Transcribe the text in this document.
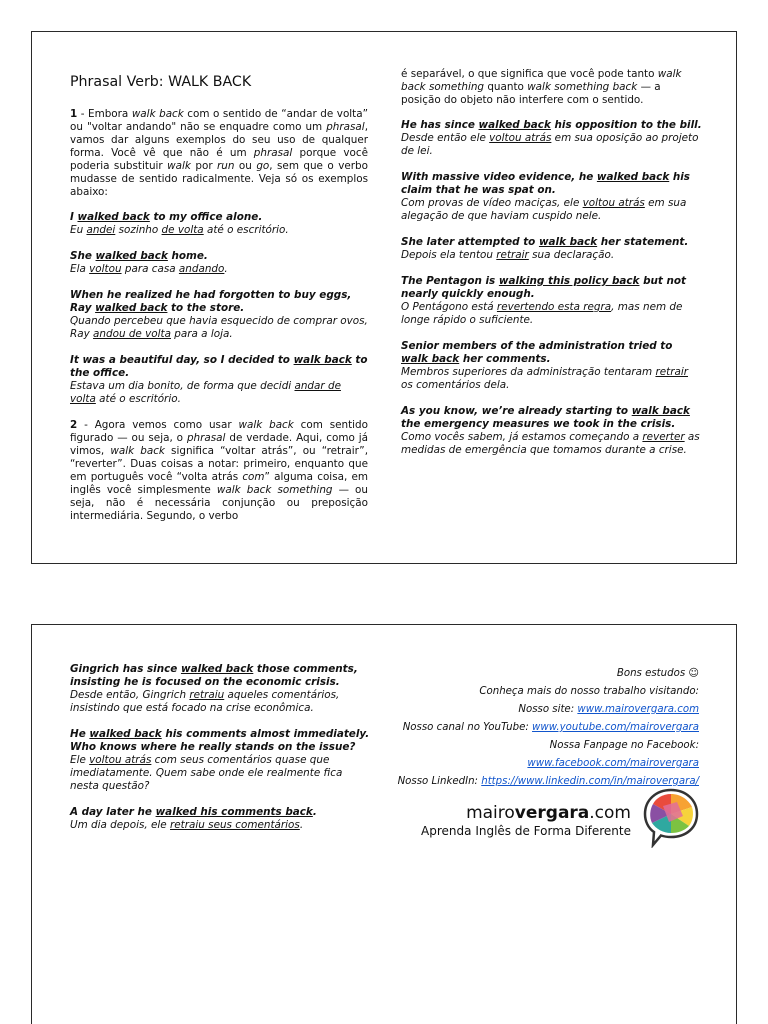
Phrasal Verb: WALK BACK

1 - Embora walk back com o sentido de “andar de volta” ou "voltar andando" não se enquadre como um phrasal, vamos dar alguns exemplos do seu uso de qualquer forma. Você vê que não é um phrasal porque você poderia substituir walk por run ou go, sem que o verbo mudasse de sentido radicalmente. Veja só os exemplos abaixo:

I walked back to my office alone.

Eu andei sozinho de volta até o escritório.

She walked back home.

Ela voltou para casa andando.

When he realized he had forgotten to buy eggs, Ray walked back to the store.

Quando percebeu que havia esquecido de comprar ovos, Ray andou de volta para a loja.

It was a beautiful day, so I decided to walk back to the office.

Estava um dia bonito, de forma que decidi andar de volta até o escritório.

2 - Agora vemos como usar walk back com sentido figurado — ou seja, o phrasal de verdade. Aqui, como já vimos, walk back significa “voltar atrás”, ou “retrair”, “reverter”. Duas coisas a notar: primeiro, enquanto que em português você “volta atrás com” alguma coisa, em inglês você simplesmente walk back something — ou seja, não é necessária conjunção ou preposição intermediária. Segundo, o verbo

é separável, o que significa que você pode tanto walk back something quanto walk something back — a posição do objeto não interfere com o sentido.

He has since walked back his opposition to the bill.

Desde então ele voltou atrás em sua oposição ao projeto de lei.

With massive video evidence, he walked back his claim that he was spat on.

Com provas de vídeo maciças, ele voltou atrás em sua alegação de que haviam cuspido nele.

She later attempted to walk back her statement.

Depois ela tentou retrair sua declaração.

The Pentagon is walking this policy back but not nearly quickly enough.

O Pentágono está revertendo esta regra, mas nem de longe rápido o suficiente.

Senior members of the administration tried to walk back her comments.

Membros superiores da administração tentaram retrair os comentários dela.

As you know, we’re already starting to walk back the emergency measures we took in the crisis.

Como vocês sabem, já estamos começando a reverter as medidas de emergência que tomamos durante a crise.

Gingrich has since walked back those comments, insisting he is focused on the economic crisis.

Desde então, Gingrich retraiu aqueles comentários, insistindo que está focado na crise econômica.

He walked back his comments almost immediately. Who knows where he really stands on the issue?

Ele voltou atrás com seus comentários quase que imediatamente. Quem sabe onde ele realmente fica nesta questão?

A day later he walked his comments back.

Um dia depois, ele retraiu seus comentários.

Bons estudos ☺

Conheça mais do nosso trabalho visitando:

Nosso site: www.mairovergara.com

Nosso canal no YouTube: www.youtube.com/mairovergara

Nossa Fanpage no Facebook:

www.facebook.com/mairovergara

Nosso LinkedIn: https://www.linkedin.com/in/mairovergara/

mairovergara.com
Aprenda Inglês de Forma Diferente
